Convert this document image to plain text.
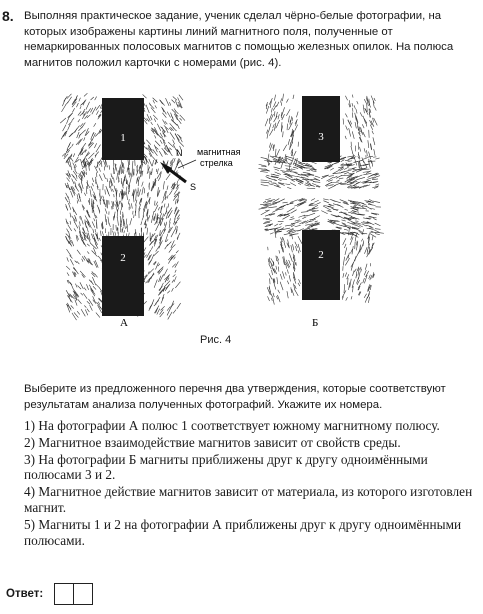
8. Выполняя практическое задание, ученик сделал чёрно-белые фотографии, на которых изображены картины линий магнитного поля, полученные от немаркированных полосовых магнитов с помощью железных опилок. На полюса магнитов положил карточки с номерами (рис. 4).
1
2
N
S
магнитная
стрелка
3
2
А	Б
Рис. 4
Выберите из предложенного перечня два утверждения, которые соответствуют результатам анализа полученных фотографий. Укажите их номера.
1) На фотографии А полюс 1 соответствует южному магнитному полюсу.
2) Магнитное взаимодействие магнитов зависит от свойств среды.
3) На фотографии Б магниты приближены друг к другу одноимёнными полюсами 3 и 2.
4) Магнитное действие магнитов зависит от материала, из которого изготовлен магнит.
5) Магниты 1 и 2 на фотографии А приближены друг к другу одноимёнными полюсами.
Ответ:
